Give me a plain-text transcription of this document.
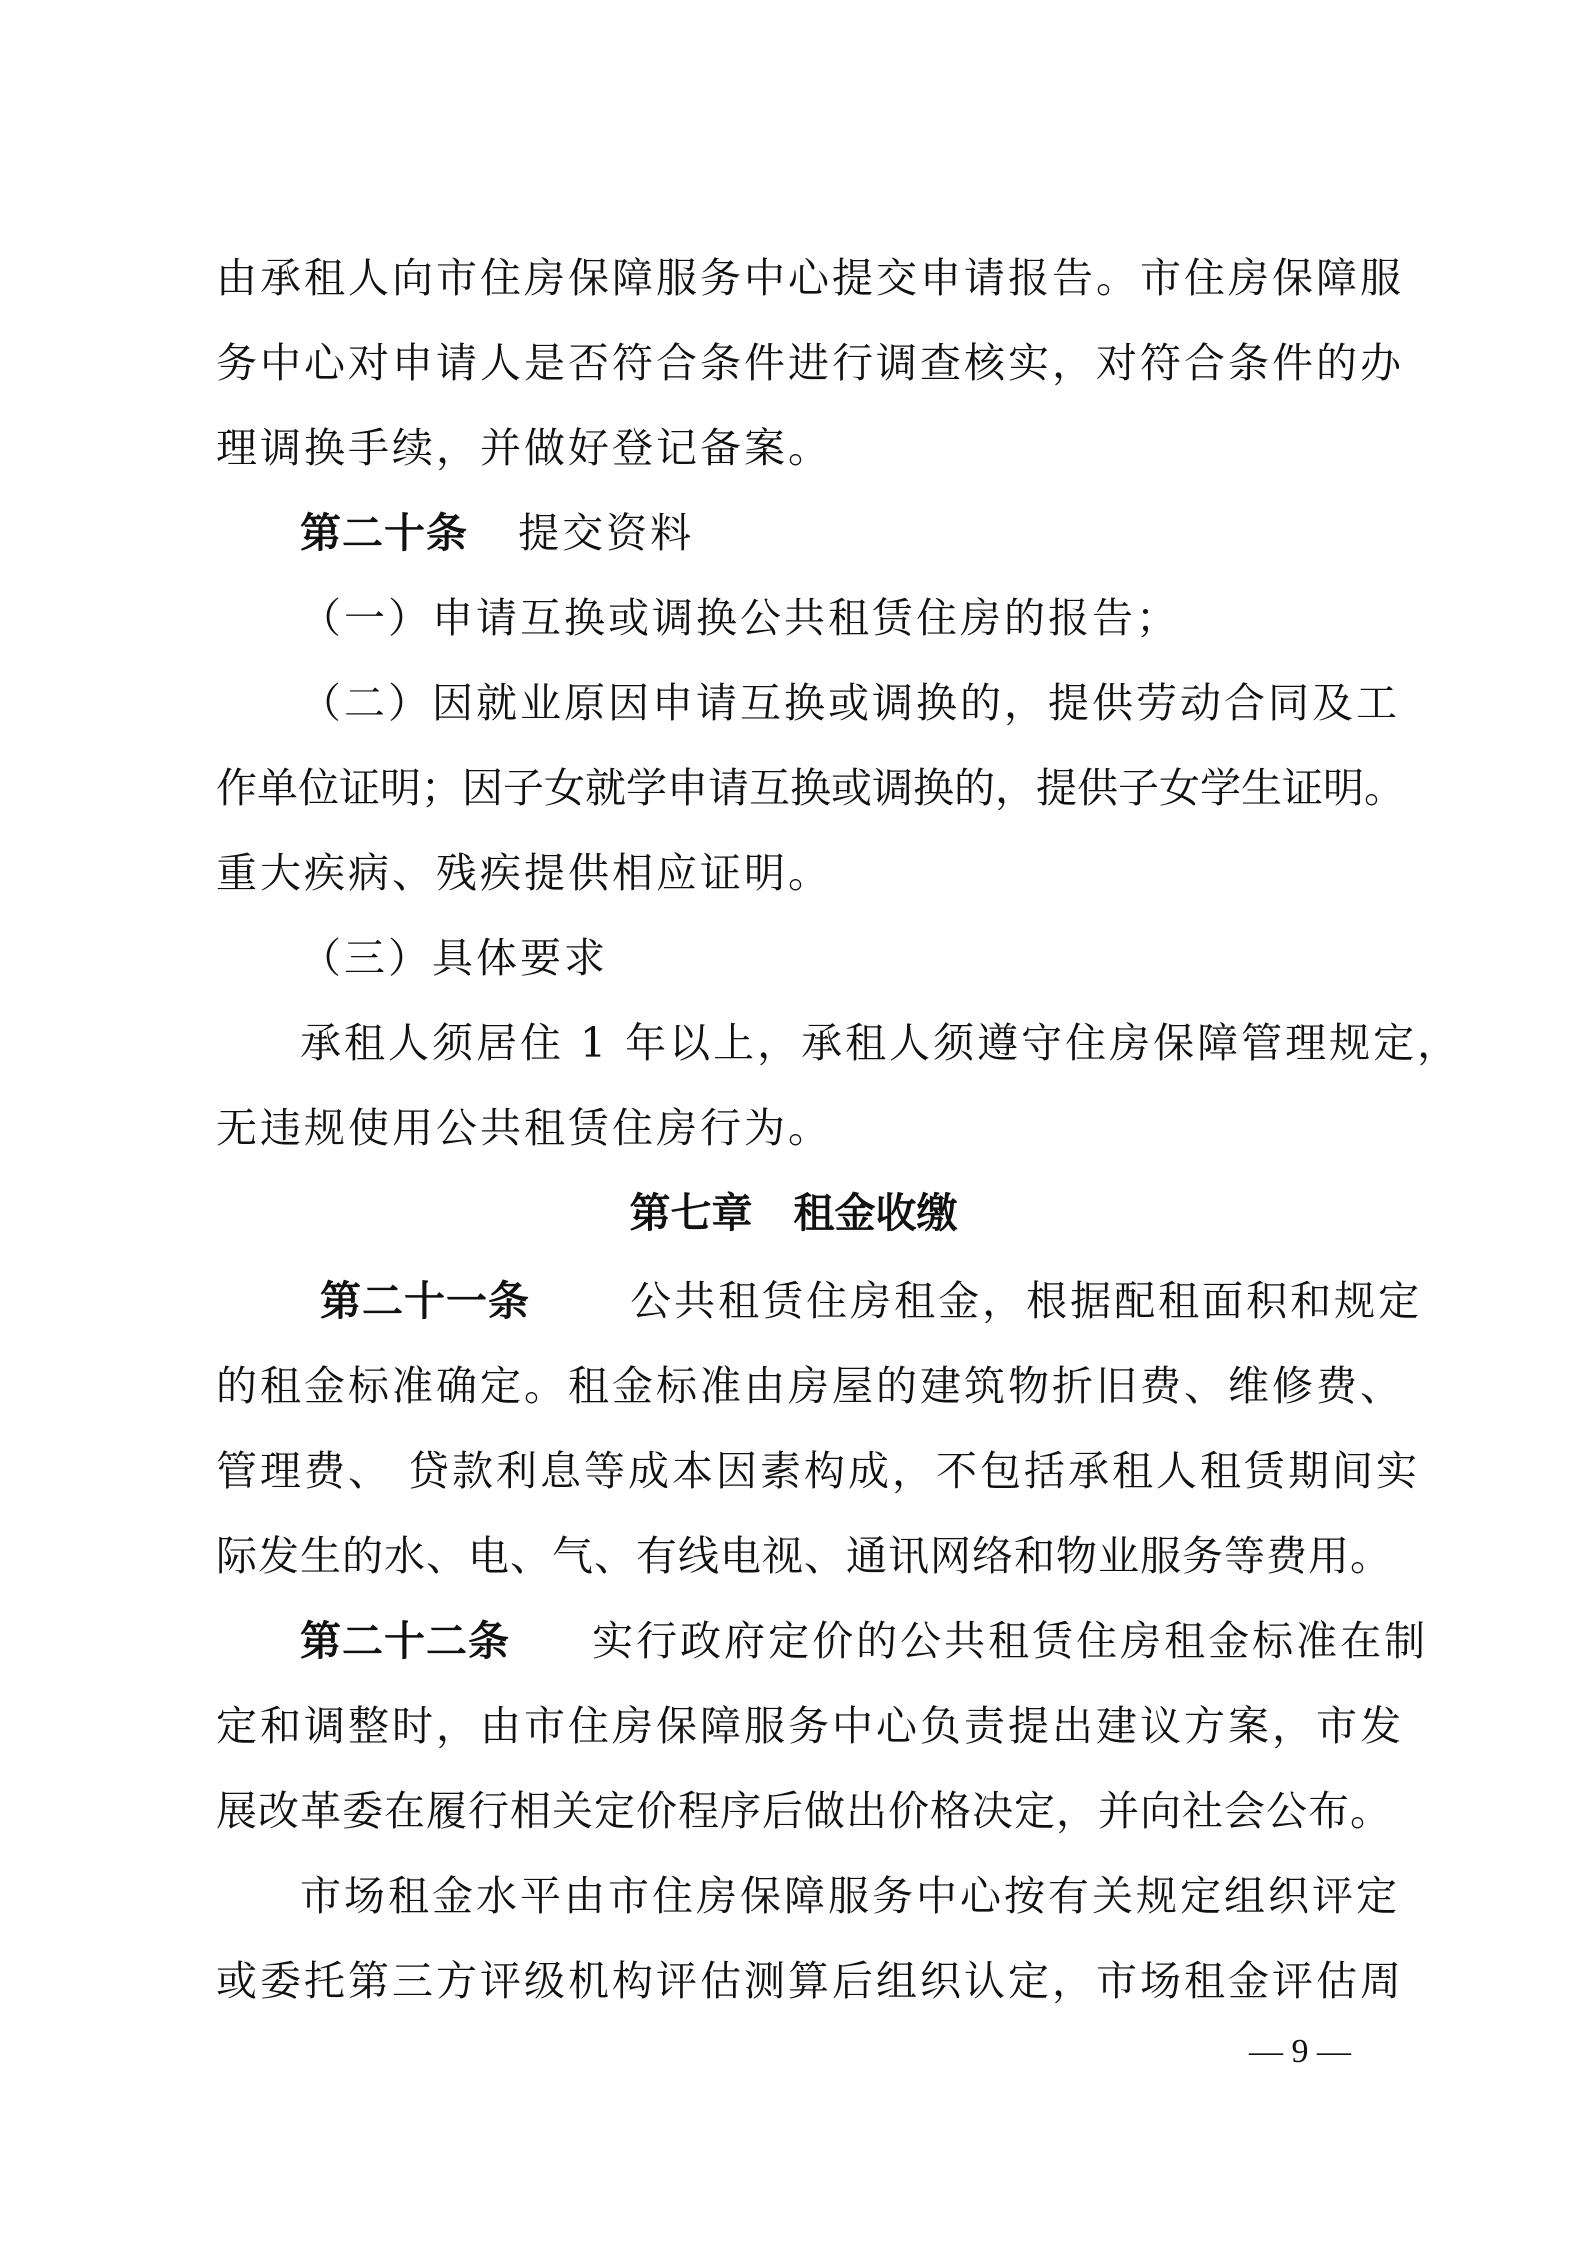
由承租人向市住房保障服务中心提交申请报告。市住房保障服
务中心对申请人是否符合条件进行调查核实，对符合条件的办
理调换手续，并做好登记备案。
第二十条 提交资料
（一）申请互换或调换公共租赁住房的报告；
（二）因就业原因申请互换或调换的，提供劳动合同及工
作单位证明；因子女就学申请互换或调换的，提供子女学生证明。
重大疾病、残疾提供相应证明。
（三）具体要求
承租人须居住 1 年以上，承租人须遵守住房保障管理规定，
无违规使用公共租赁住房行为。
第七章　租金收缴
第二十一条 公共租赁住房租金，根据配租面积和规定
的租金标准确定。租金标准由房屋的建筑物折旧费、维修费、
管理费、 贷款利息等成本因素构成，不包括承租人租赁期间实
际发生的水、电、气、有线电视、通讯网络和物业服务等费用。
第二十二条 实行政府定价的公共租赁住房租金标准在制
定和调整时，由市住房保障服务中心负责提出建议方案，市发
展改革委在履行相关定价程序后做出价格决定，并向社会公布。
市场租金水平由市住房保障服务中心按有关规定组织评定
或委托第三方评级机构评估测算后组织认定，市场租金评估周
— 9 —
